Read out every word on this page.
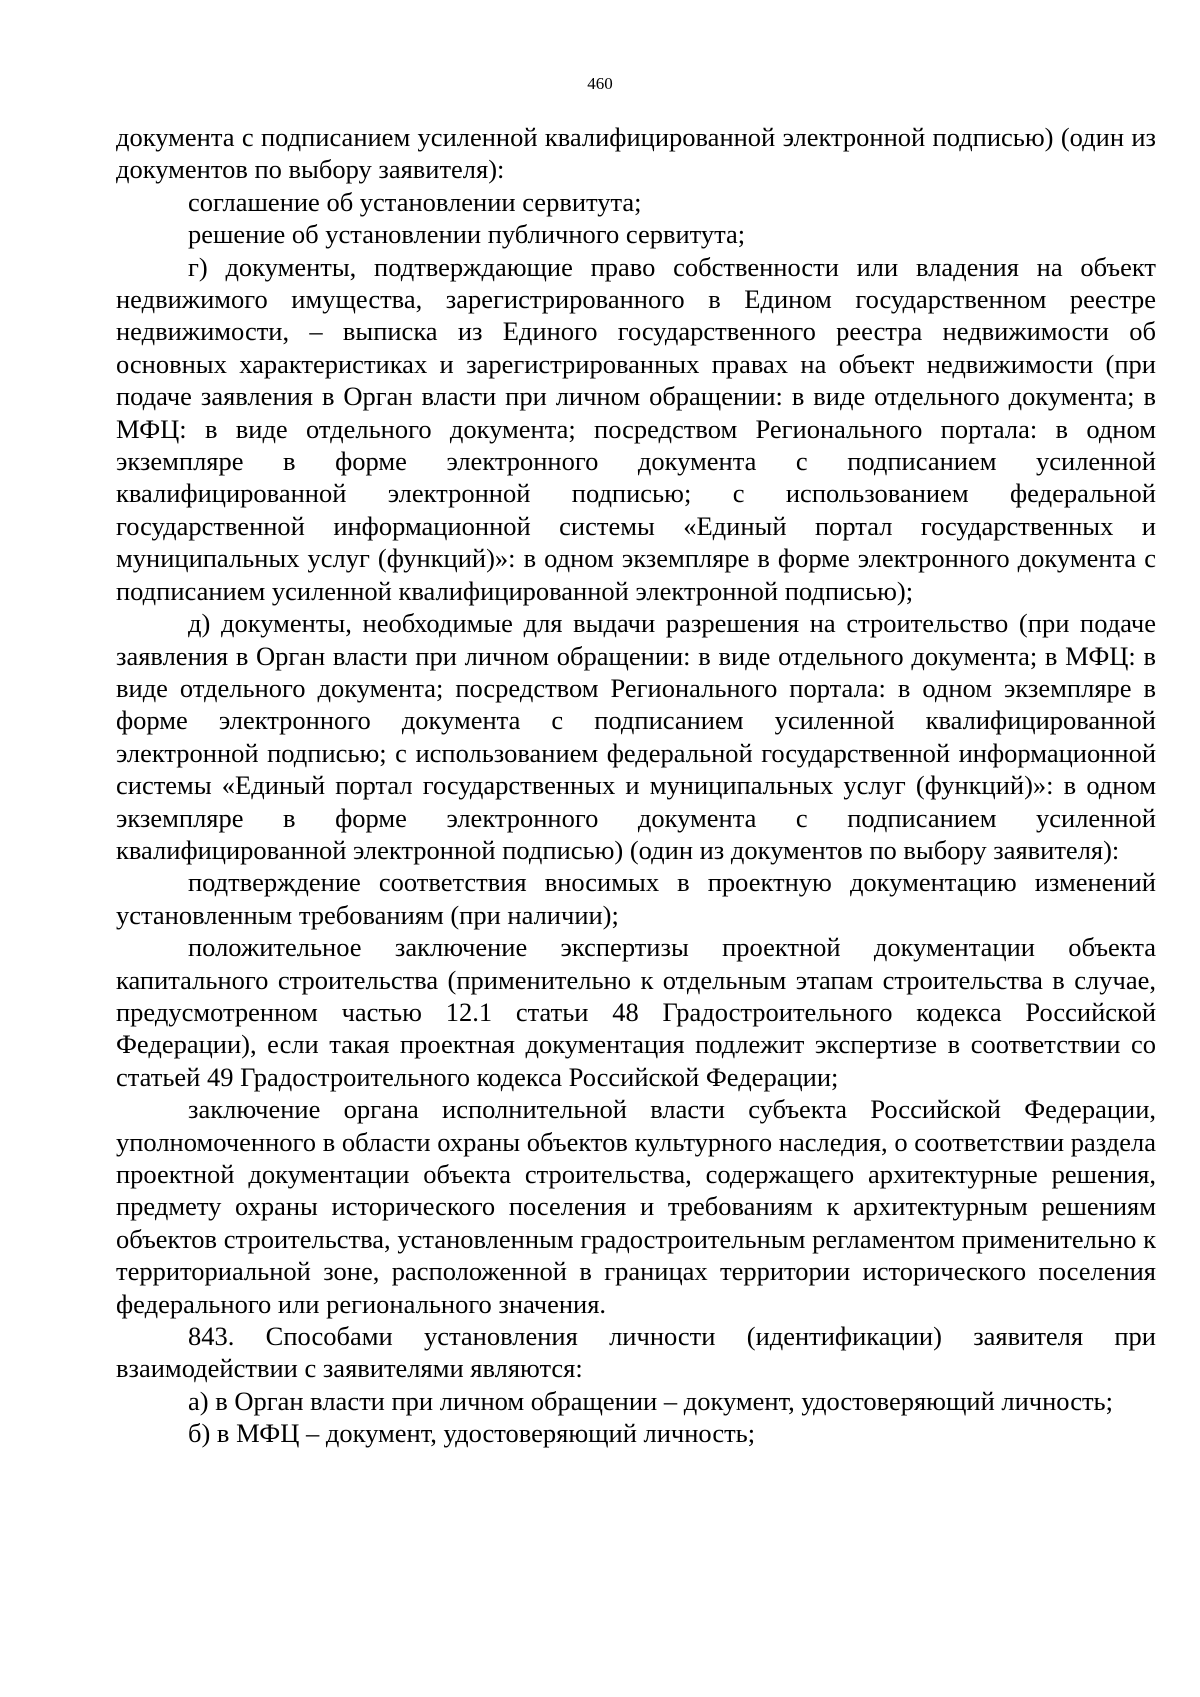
460

документа с подписанием усиленной квалифицированной электронной подписью) (один из документов по выбору заявителя):

соглашение об установлении сервитута;

решение об установлении публичного сервитута;

г) документы, подтверждающие право собственности или владения на объект недвижимого имущества, зарегистрированного в Едином государственном реестре недвижимости, – выписка из Единого государственного реестра недвижимости об основных характеристиках и зарегистрированных правах на объект недвижимости (при подаче заявления в Орган власти при личном обращении: в виде отдельного документа; в МФЦ: в виде отдельного документа; посредством Регионального портала: в одном экземпляре в форме электронного документа с подписанием усиленной квалифицированной электронной подписью; с использованием федеральной государственной информационной системы «Единый портал государственных и муниципальных услуг (функций)»: в одном экземпляре в форме электронного документа с подписанием усиленной квалифицированной электронной подписью);

д) документы, необходимые для выдачи разрешения на строительство (при подаче заявления в Орган власти при личном обращении: в виде отдельного документа; в МФЦ: в виде отдельного документа; посредством Регионального портала: в одном экземпляре в форме электронного документа с подписанием усиленной квалифицированной электронной подписью; с использованием федеральной государственной информационной системы «Единый портал государственных и муниципальных услуг (функций)»: в одном экземпляре в форме электронного документа с подписанием усиленной квалифицированной электронной подписью) (один из документов по выбору заявителя):

подтверждение соответствия вносимых в проектную документацию изменений установленным требованиям (при наличии);

положительное заключение экспертизы проектной документации объекта капитального строительства (применительно к отдельным этапам строительства в случае, предусмотренном частью 12.1 статьи 48 Градостроительного кодекса Российской Федерации), если такая проектная документация подлежит экспертизе в соответствии со статьей 49 Градостроительного кодекса Российской Федерации;

заключение органа исполнительной власти субъекта Российской Федерации, уполномоченного в области охраны объектов культурного наследия, о соответствии раздела проектной документации объекта строительства, содержащего архитектурные решения, предмету охраны исторического поселения и требованиям к архитектурным решениям объектов строительства, установленным градостроительным регламентом применительно к территориальной зоне, расположенной в границах территории исторического поселения федерального или регионального значения.

843. Способами установления личности (идентификации) заявителя при взаимодействии с заявителями являются:

а) в Орган власти при личном обращении – документ, удостоверяющий личность;

б) в МФЦ – документ, удостоверяющий личность;
